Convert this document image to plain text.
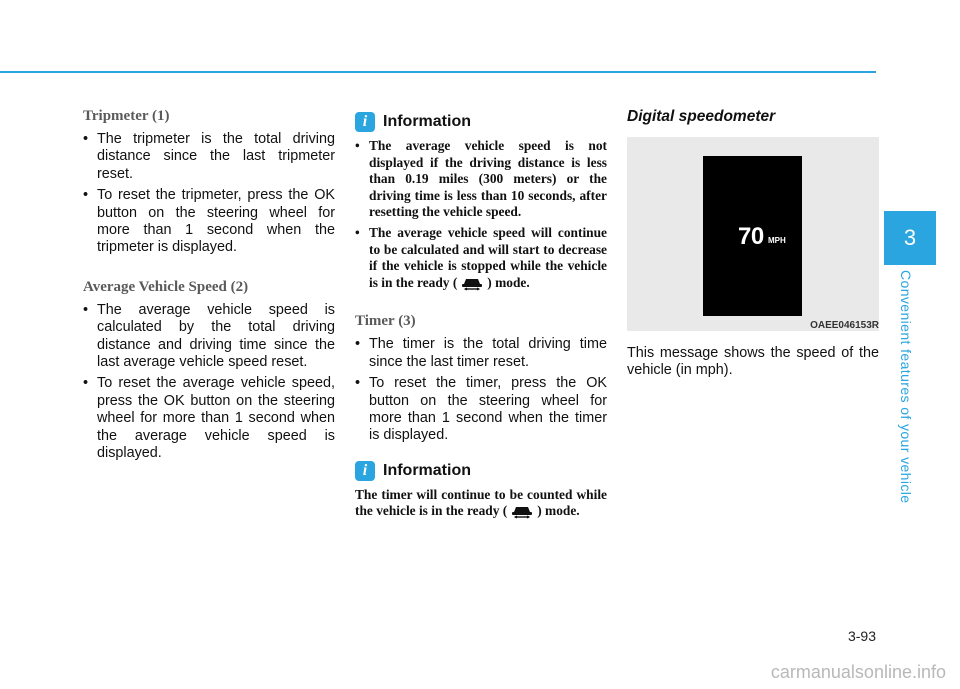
Tripmeter (1)
• The tripmeter is the total driving distance since the last tripmeter reset.
• To reset the tripmeter, press the OK button on the steering wheel for more than 1 second when the tripmeter is displayed.
Average Vehicle Speed (2)
• The average vehicle speed is calculated by the total driving distance and driving time since the last average vehicle speed reset.
• To reset the average vehicle speed, press the OK button on the steering wheel for more than 1 second when the average vehicle speed is displayed.
i Information
• The average vehicle speed is not displayed if the driving distance is less than 0.19 miles (300 meters) or the driving time is less than 10 seconds, after resetting the vehicle speed.
• The average vehicle speed will continue to be calculated and will start to decrease if the vehicle is stopped while the vehicle is in the ready ( ) mode.
Timer (3)
• The timer is the total driving time since the last timer reset.
• To reset the timer, press the OK button on the steering wheel for more than 1 second when the timer is displayed.
i Information

The timer will continue to be counted while the vehicle is in the ready ( ) mode.

Digital speedometer
70 MPH
OAEE046153R

This message shows the speed of the vehicle (in mph).

3
Convenient features of your vehicle
3-93
carmanualsonline.info
